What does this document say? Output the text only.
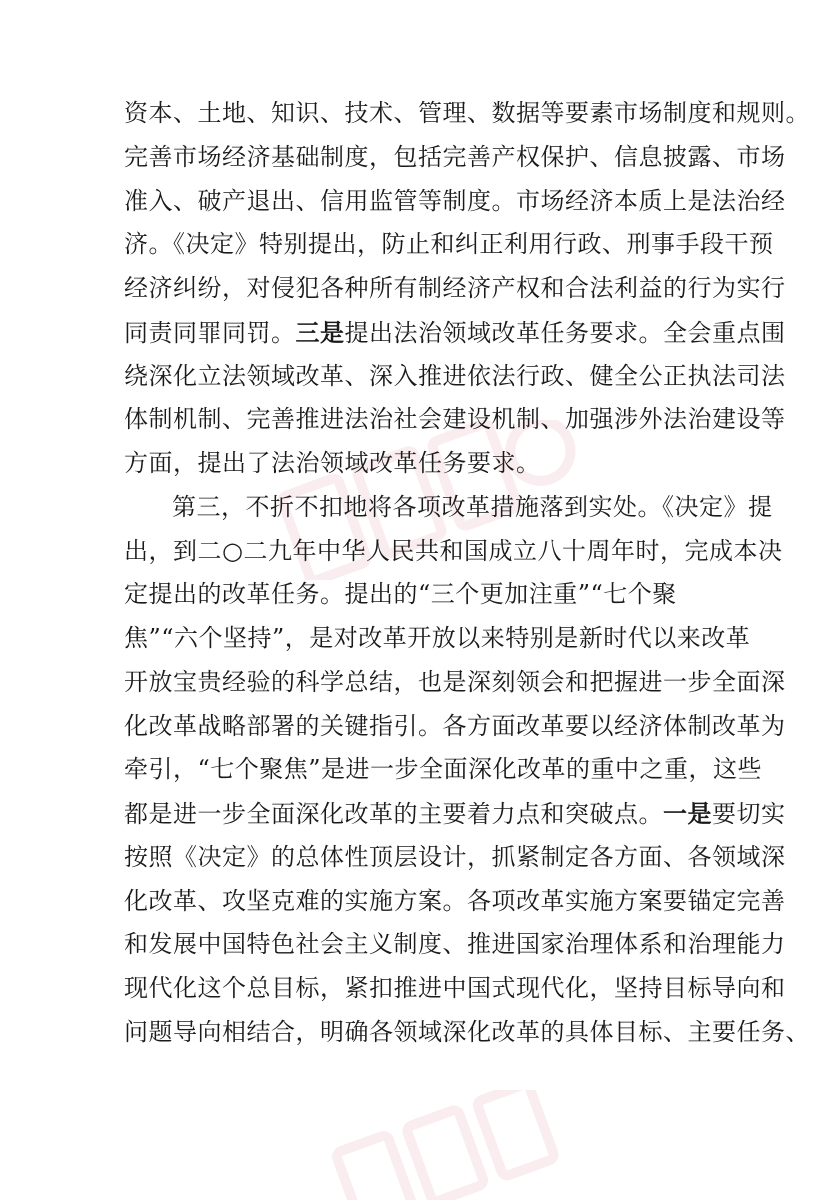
资本、土地、知识、技术、管理、数据等要素市场制度和规则。
完善市场经济基础制度，包括完善产权保护、信息披露、市场
准入、破产退出、信用监管等制度。市场经济本质上是法治经
济。《决定》特别提出，防止和纠正利用行政、刑事手段干预
经济纠纷，对侵犯各种所有制经济产权和合法利益的行为实行
同责同罪同罚。三是提出法治领域改革任务要求。全会重点围
绕深化立法领域改革、深入推进依法行政、健全公正执法司法
体制机制、完善推进法治社会建设机制、加强涉外法治建设等
方面，提出了法治领域改革任务要求。
第三，不折不扣地将各项改革措施落到实处。《决定》提
出，到二○二九年中华人民共和国成立八十周年时，完成本决
定提出的改革任务。提出的“三个更加注重”“七个聚
焦”“六个坚持”，是对改革开放以来特别是新时代以来改革
开放宝贵经验的科学总结，也是深刻领会和把握进一步全面深
化改革战略部署的关键指引。各方面改革要以经济体制改革为
牵引，“七个聚焦”是进一步全面深化改革的重中之重，这些
都是进一步全面深化改革的主要着力点和突破点。一是要切实
按照《决定》的总体性顶层设计，抓紧制定各方面、各领域深
化改革、攻坚克难的实施方案。各项改革实施方案要锚定完善
和发展中国特色社会主义制度、推进国家治理体系和治理能力
现代化这个总目标，紧扣推进中国式现代化，坚持目标导向和
问题导向相结合，明确各领域深化改革的具体目标、主要任务、
